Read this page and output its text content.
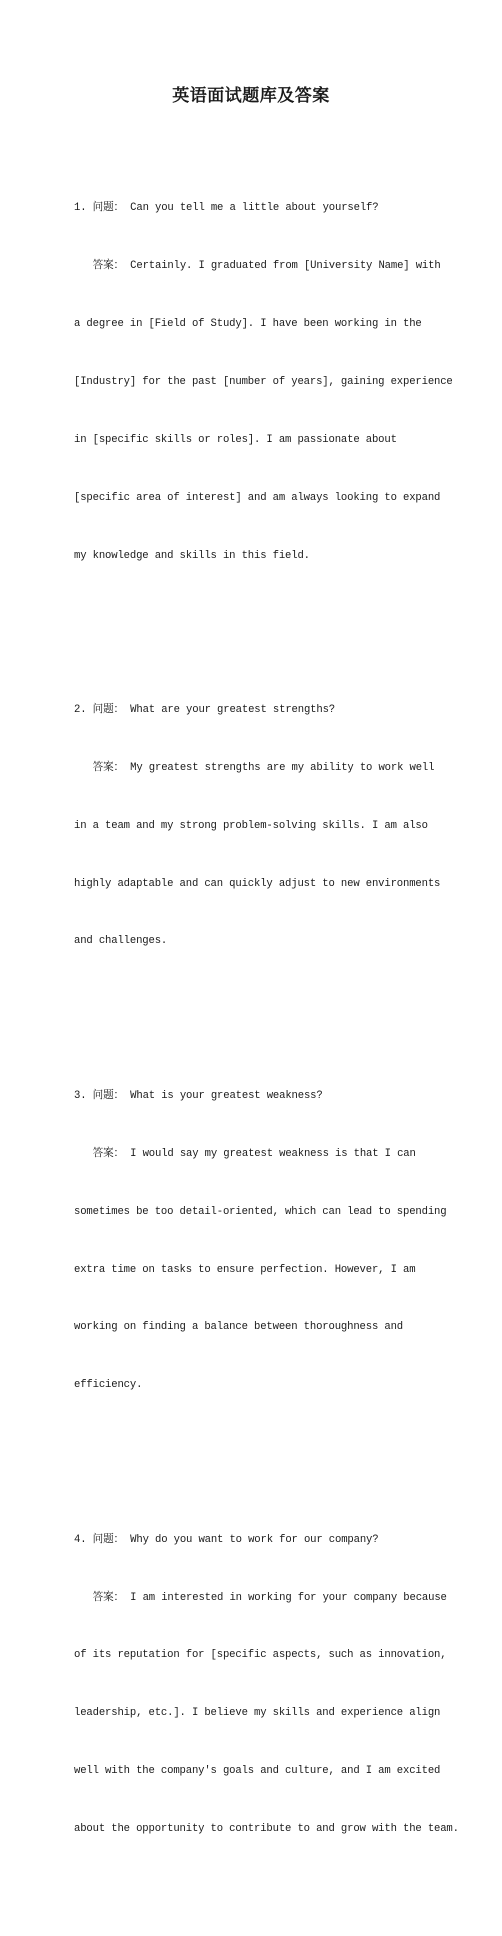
英语面试题库及答案

1. 问题： Can you tell me a little about yourself?

答案： Certainly. I graduated from [University Name] with

a degree in [Field of Study]. I have been working in the

[Industry] for the past [number of years], gaining experience

in [specific skills or roles]. I am passionate about

[specific area of interest] and am always looking to expand

my knowledge and skills in this field.

2. 问题： What are your greatest strengths?

答案： My greatest strengths are my ability to work well

in a team and my strong problem-solving skills. I am also

highly adaptable and can quickly adjust to new environments

and challenges.

3. 问题： What is your greatest weakness?

答案： I would say my greatest weakness is that I can

sometimes be too detail-oriented, which can lead to spending

extra time on tasks to ensure perfection. However, I am

working on finding a balance between thoroughness and

efficiency.

4. 问题： Why do you want to work for our company?

答案： I am interested in working for your company because

of its reputation for [specific aspects, such as innovation,

leadership, etc.]. I believe my skills and experience align

well with the company's goals and culture, and I am excited

about the opportunity to contribute to and grow with the team.
